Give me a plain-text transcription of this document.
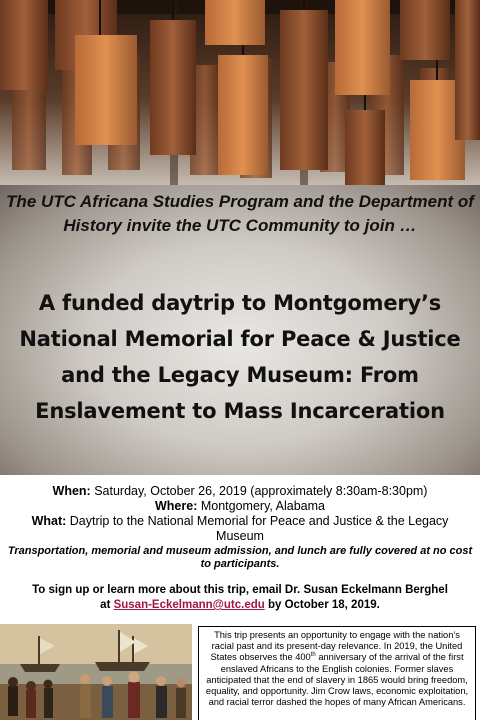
The UTC Africana Studies Program and the Department of History invite the UTC Community to join …
A funded daytrip to Montgomery’s National Memorial for Peace & Justice and the Legacy Museum: From Enslavement to Mass Incarceration
When: Saturday, October 26, 2019 (approximately 8:30am-8:30pm)
Where: Montgomery, Alabama
What: Daytrip to the National Memorial for Peace and Justice & the Legacy Museum
Transportation, memorial and museum admission, and lunch are fully covered at no cost to participants.
To sign up or learn more about this trip, email Dr. Susan Eckelmann Berghel
at Susan-Eckelmann@utc.edu by October 18, 2019.
This trip presents an opportunity to engage with the nation’s racial past and its present-day relevance. In 2019, the United States observes the 400th anniversary of the arrival of the first enslaved Africans to the English colonies. Former slaves anticipated that the end of slavery in 1865 would bring freedom, equality, and opportunity. Jim Crow laws, economic exploitation, and racial terror dashed the hopes of many African Americans.
